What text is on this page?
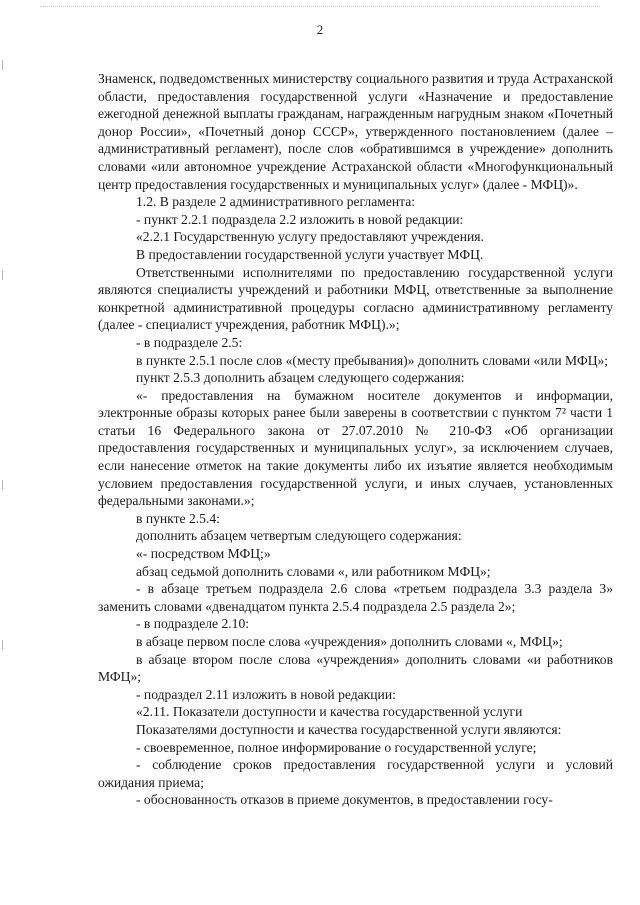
2

Знаменск, подведомственных министерству социального развития и труда Астраханской области, предоставления государственной услуги «Назначение и предоставление ежегодной денежной выплаты гражданам, награжденным нагрудным знаком «Почетный донор России», «Почетный донор СССР», утвержденного постановлением (далее – административный регламент), после слов «обратившимся в учреждение» дополнить словами «или автономное учреждение Астраханской области «Многофункциональный центр предоставления государственных и муниципальных услуг» (далее - МФЦ)».

1.2. В разделе 2 административного регламента:

- пункт 2.2.1 подраздела 2.2 изложить в новой редакции:

«2.2.1 Государственную услугу предоставляют учреждения.

В предоставлении государственной услуги участвует МФЦ.

Ответственными исполнителями по предоставлению государственной услуги являются специалисты учреждений и работники МФЦ, ответственные за выполнение конкретной административной процедуры согласно административному регламенту (далее - специалист учреждения, работник МФЦ).»;

- в подразделе 2.5:

в пункте 2.5.1 после слов «(месту пребывания)» дополнить словами «или МФЦ»;

пункт 2.5.3 дополнить абзацем следующего содержания:

«- предоставления на бумажном носителе документов и информации, электронные образы которых ранее были заверены в соответствии с пунктом 7² части 1 статьи 16 Федерального закона от 27.07.2010 № 210-ФЗ «Об организации предоставления государственных и муниципальных услуг», за исключением случаев, если нанесение отметок на такие документы либо их изъятие является необходимым условием предоставления государственной услуги, и иных случаев, установленных федеральными законами.»;

в пункте 2.5.4:

дополнить абзацем четвертым следующего содержания:

«- посредством МФЦ;»

абзац седьмой дополнить словами «, или работником МФЦ»;

- в абзаце третьем подраздела 2.6 слова «третьем подраздела 3.3 раздела 3» заменить словами «двенадцатом пункта 2.5.4 подраздела 2.5 раздела 2»;

- в подразделе 2.10:

в абзаце первом после слова «учреждения» дополнить словами «, МФЦ»;

в абзаце втором после слова «учреждения» дополнить словами «и работников МФЦ»;

- подраздел 2.11 изложить в новой редакции:

«2.11. Показатели доступности и качества государственной услуги

Показателями доступности и качества государственной услуги являются:

- своевременное, полное информирование о государственной услуге;

- соблюдение сроков предоставления государственной услуги и условий ожидания приема;

- обоснованность отказов в приеме документов, в предоставлении госу-
